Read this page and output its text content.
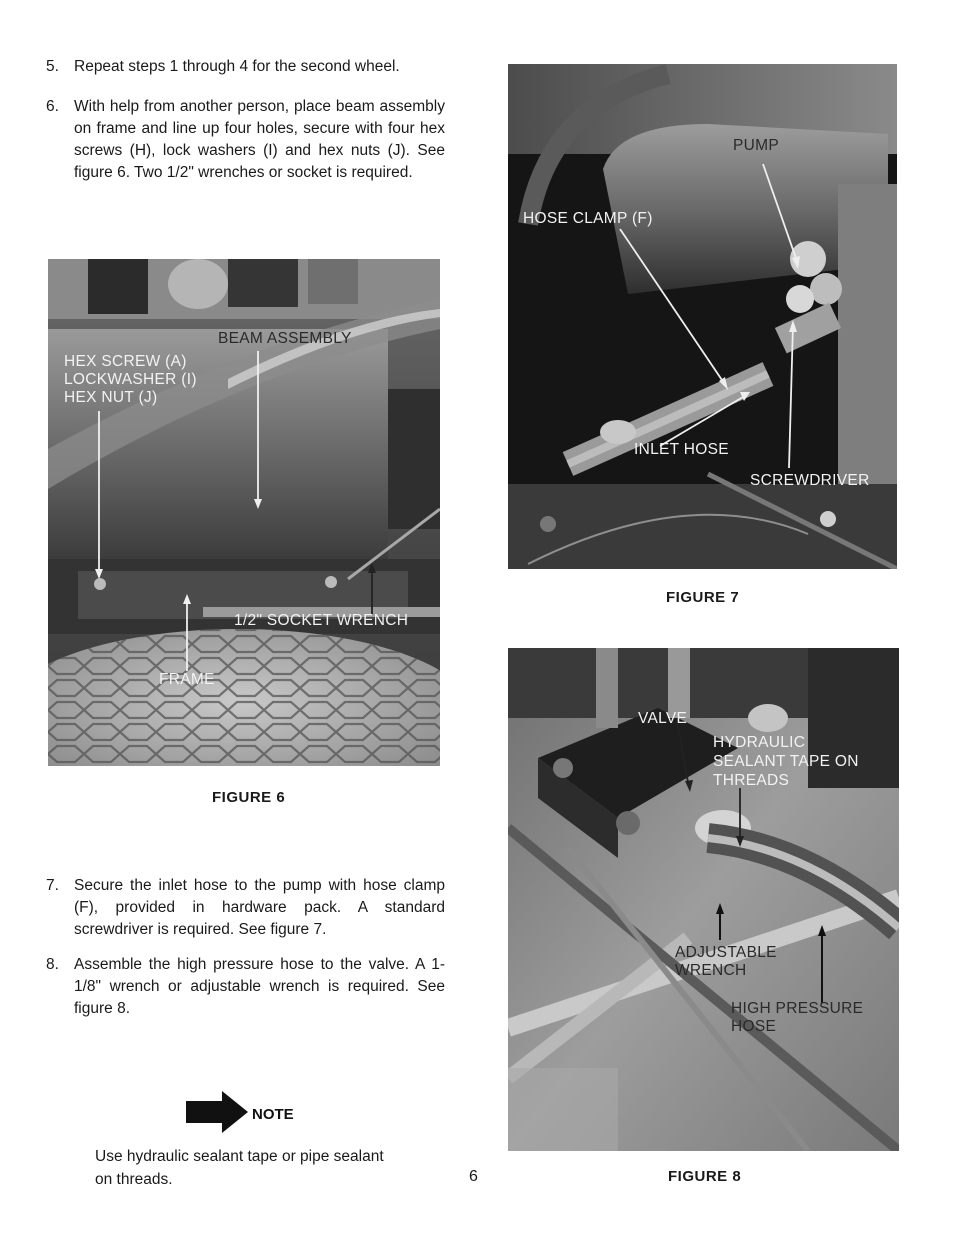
5. Repeat steps 1 through 4 for the second wheel.
6. With help from another person, place beam assembly on frame and line up four holes, secure with four hex screws (H), lock washers (I) and hex nuts (J). See figure 6. Two 1/2" wrenches or socket is required.
BEAM ASSEMBLY
HEX SCREW (A)
LOCKWASHER (I)
HEX NUT (J)
1/2" SOCKET WRENCH
FRAME
FIGURE 6
7. Secure the inlet hose to the pump with hose clamp (F), provided in hardware pack. A standard screwdriver is required. See figure 7.
8. Assemble the high pressure hose to the valve. A 1-1/8" wrench or adjustable wrench is required. See figure 8.
NOTE
Use hydraulic sealant tape or pipe sealant
on threads.	6
PUMP
HOSE CLAMP (F)
INLET HOSE
SCREWDRIVER
FIGURE 7
VALVE
HYDRAULIC
SEALANT TAPE ON
THREADS
ADJUSTABLE
WRENCH
HIGH PRESSURE
HOSE
FIGURE 8
